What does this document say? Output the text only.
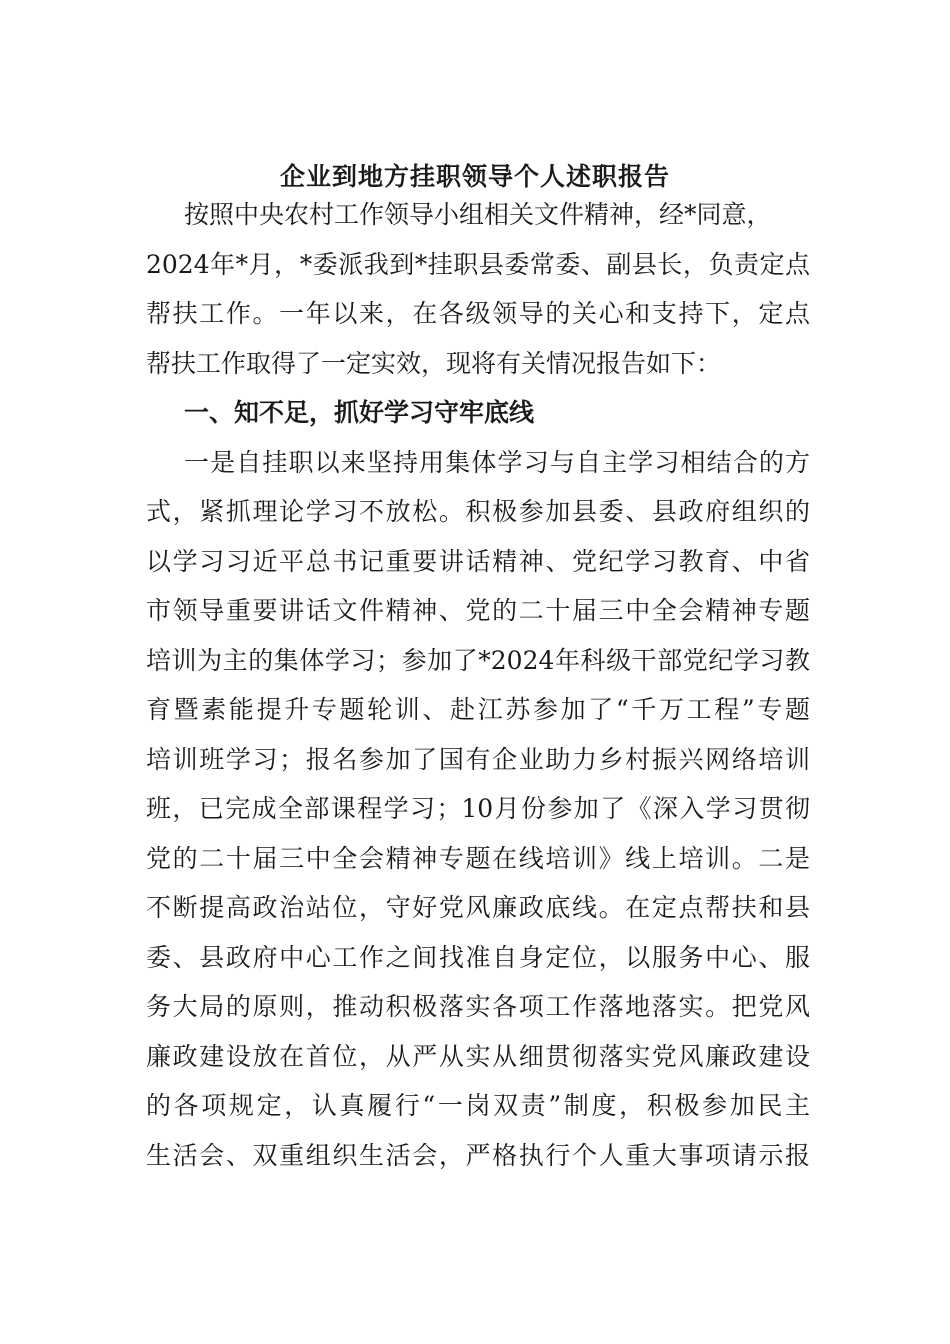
企业到地方挂职领导个人述职报告
按照中央农村工作领导小组相关文件精神，经*同意，
2024年*月，*委派我到*挂职县委常委、副县长，负责定点
帮扶工作。一年以来，在各级领导的关心和支持下，定点
帮扶工作取得了一定实效，现将有关情况报告如下：
一、知不足，抓好学习守牢底线
一是自挂职以来坚持用集体学习与自主学习相结合的方
式，紧抓理论学习不放松。积极参加县委、县政府组织的
以学习习近平总书记重要讲话精神、党纪学习教育、中省
市领导重要讲话文件精神、党的二十届三中全会精神专题
培训为主的集体学习；参加了*2024年科级干部党纪学习教
育暨素能提升专题轮训、赴江苏参加了“千万工程”专题
培训班学习；报名参加了国有企业助力乡村振兴网络培训
班，已完成全部课程学习；10月份参加了《深入学习贯彻
党的二十届三中全会精神专题在线培训》线上培训。二是
不断提高政治站位，守好党风廉政底线。在定点帮扶和县
委、县政府中心工作之间找准自身定位，以服务中心、服
务大局的原则，推动积极落实各项工作落地落实。把党风
廉政建设放在首位，从严从实从细贯彻落实党风廉政建设
的各项规定，认真履行“一岗双责”制度，积极参加民主
生活会、双重组织生活会，严格执行个人重大事项请示报
